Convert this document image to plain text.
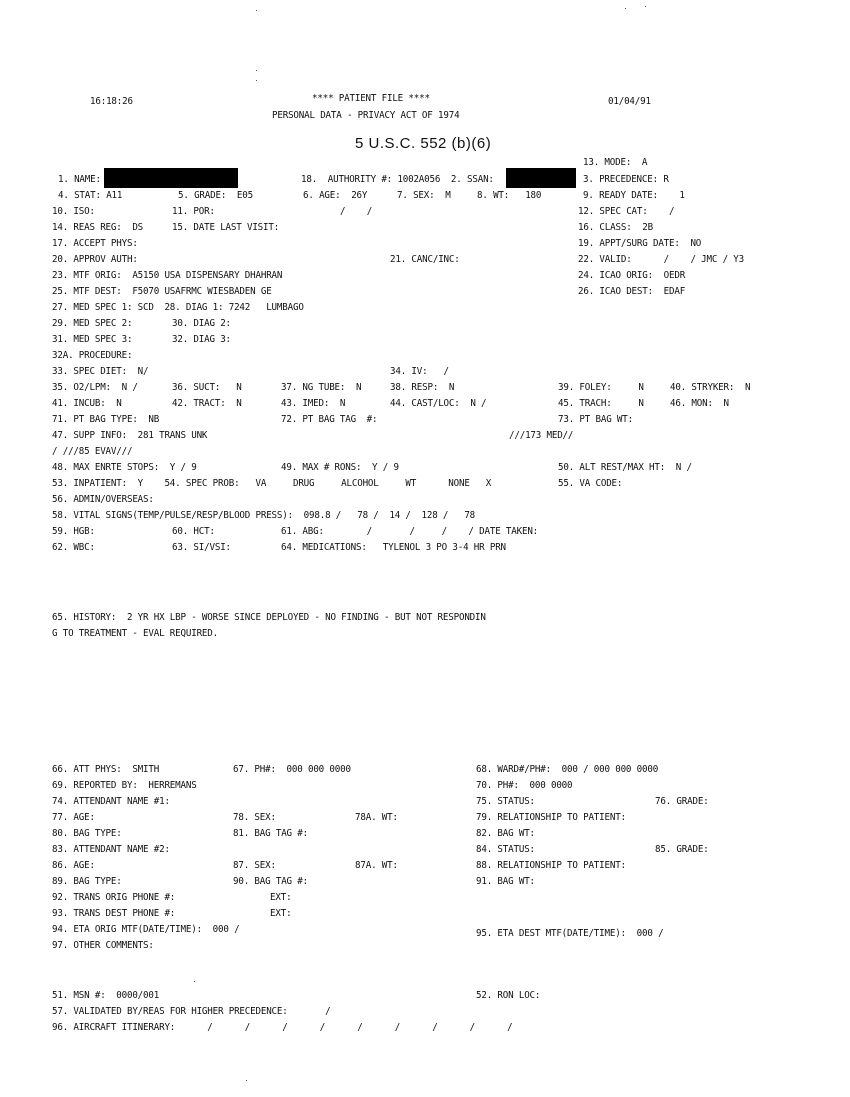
16:18:26	**** PATIENT FILE ****	01/04/91
PERSONAL DATA - PRIVACY ACT OF 1974
5 U.S.C. 552 (b)(6)
13. MODE:  A
1. NAME:	18.  AUTHORITY #: 1002A056  2. SSAN:	3. PRECEDENCE: R
4. STAT: A11	5. GRADE:  E05	6. AGE:  26Y	7. SEX:  M	8. WT:   180	9. READY DATE:    1
10. ISO:	11. POR:	/    /	12. SPEC CAT:    /
14. REAS REG:  DS	15. DATE LAST VISIT:	16. CLASS:  2B
17. ACCEPT PHYS:	19. APPT/SURG DATE:  NO
20. APPROV AUTH:	21. CANC/INC:	22. VALID:      /    / JMC / Y3
23. MTF ORIG:  A5150 USA DISPENSARY DHAHRAN	24. ICAO ORIG:  OEDR
25. MTF DEST:  F5070 USAFRMC WIESBADEN GE	26. ICAO DEST:  EDAF
27. MED SPEC 1: SCD  28. DIAG 1: 7242   LUMBAGO
29. MED SPEC 2:	30. DIAG 2:
31. MED SPEC 3:	32. DIAG 3:
32A. PROCEDURE:
33. SPEC DIET:  N/	34. IV:   /
35. O2/LPM:  N /	36. SUCT:   N	37. NG TUBE:  N	38. RESP:  N	39. FOLEY:     N	40. STRYKER:  N
41. INCUB:  N	42. TRACT:  N	43. IMED:  N	44. CAST/LOC:  N /	45. TRACH:     N	46. MON:  N
71. PT BAG TYPE:  NB	72. PT BAG TAG  #:	73. PT BAG WT:
47. SUPP INFO:  281 TRANS UNK	///173 MED//
/ ///85 EVAV///
48. MAX ENRTE STOPS:  Y / 9	49. MAX # RONS:  Y / 9	50. ALT REST/MAX HT:  N /
53. INPATIENT:  Y    54. SPEC PROB:   VA     DRUG     ALCOHOL     WT      NONE   X	55. VA CODE:
56. ADMIN/OVERSEAS:
58. VITAL SIGNS(TEMP/PULSE/RESP/BLOOD PRESS):  098.8 /   78 /  14 /  128 /   78
59. HGB:	60. HCT:	61. ABG:        /       /     /    / DATE TAKEN:
62. WBC:	63. SI/VSI:	64. MEDICATIONS:   TYLENOL 3 PO 3-4 HR PRN
65. HISTORY:  2 YR HX LBP - WORSE SINCE DEPLOYED - NO FINDING - BUT NOT RESPONDIN
G TO TREATMENT - EVAL REQUIRED.
66. ATT PHYS:  SMITH	67. PH#:  000 000 0000	68. WARD#/PH#:  000 / 000 000 0000
69. REPORTED BY:  HERREMANS	70. PH#:  000 0000
74. ATTENDANT NAME #1:	75. STATUS:	76. GRADE:
77. AGE:	78. SEX:	78A. WT:	79. RELATIONSHIP TO PATIENT:
80. BAG TYPE:	81. BAG TAG #:	82. BAG WT:
83. ATTENDANT NAME #2:	84. STATUS:	85. GRADE:
86. AGE:	87. SEX:	87A. WT:	88. RELATIONSHIP TO PATIENT:
89. BAG TYPE:	90. BAG TAG #:	91. BAG WT:
92. TRANS ORIG PHONE #:	EXT:
93. TRANS DEST PHONE #:	EXT:
94. ETA ORIG MTF(DATE/TIME):  000 /	95. ETA DEST MTF(DATE/TIME):  000 /
97. OTHER COMMENTS:
51. MSN #:  0000/001	52. RON LOC:
57. VALIDATED BY/REAS FOR HIGHER PRECEDENCE:       /
96. AIRCRAFT ITINERARY:      /      /      /      /      /      /      /      /      /
